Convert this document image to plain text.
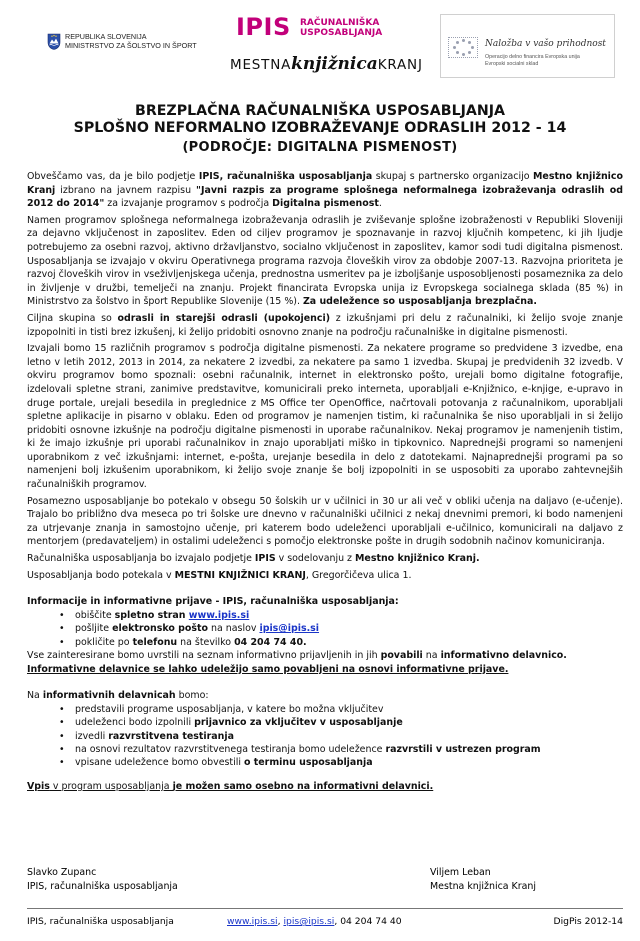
REPUBLIKA SLOVENIJA
MINISTRSTVO ZA ŠOLSTVO IN ŠPORT
IPIS RAČUNALNIŠKA
USPOSABLJANJA
MESTNAknjižnicaKRANJ
Naložba v vašo prihodnost
Operacijo delno financira Evropska unija
Evropski socialni sklad
BREZPLAČNA RAČUNALNIŠKA USPOSABLJANJA
SPLOŠNO NEFORMALNO IZOBRAŽEVANJE ODRASLIH 2012 - 14
(PODROČJE: DIGITALNA PISMENOST)

Obveščamo vas, da je bilo podjetje IPIS, računalniška usposabljanja skupaj s partnersko organizacijo Mestno knjižnico Kranj izbrano na javnem razpisu "Javni razpis za programe splošnega neformalnega izobraževanja odraslih od 2012 do 2014" za izvajanje programov s področja Digitalna pismenost.

Namen programov splošnega neformalnega izobraževanja odraslih je zviševanje splošne izobraženosti v Republiki Sloveniji za dejavno vključenost in zaposlitev. Eden od ciljev programov je spoznavanje in razvoj ključnih kompetenc, ki jih ljudje potrebujemo za osebni razvoj, aktivno državljanstvo, socialno vključenost in zaposlitev, kamor sodi tudi digitalna pismenost. Usposabljanja se izvajajo v okviru Operativnega programa razvoja človeških virov za obdobje 2007-13. Razvojna prioriteta je razvoj človeških virov in vseživljenjskega učenja, prednostna usmeritev pa je izboljšanje usposobljenosti posameznika za delo in življenje v družbi, temelječi na znanju. Projekt financirata Evropska unija iz Evropskega socialnega sklada (85 %) in Ministrstvo za šolstvo in šport Republike Slovenije (15 %). Za udeležence so usposabljanja brezplačna.

Ciljna skupina so odrasli in starejši odrasli (upokojenci) z izkušnjami pri delu z računalniki, ki želijo svoje znanje izpopolniti in tisti brez izkušenj, ki želijo pridobiti osnovno znanje na področju računalniške in digitalne pismenosti.

Izvajali bomo 15 različnih programov s področja digitalne pismenosti. Za nekatere programe so predvidene 3 izvedbe, ena letno v letih 2012, 2013 in 2014, za nekatere 2 izvedbi, za nekatere pa samo 1 izvedba. Skupaj je predvidenih 32 izvedb. V okviru programov bomo spoznali: osebni računalnik, internet in elektronsko pošto, urejali bomo digitalne fotografije, izdelovali spletne strani, zanimive predstavitve, komunicirali preko interneta, uporabljali e-Knjižnico, e-knjige, e-upravo in druge portale, urejali besedila in preglednice z MS Office ter OpenOffice, načrtovali potovanja z računalnikom, uporabljali spletne aplikacije in pisarno v oblaku. Eden od programov je namenjen tistim, ki računalnika še niso uporabljali in si želijo pridobiti osnovne izkušnje na področju digitalne pismenosti in uporabe računalnikov. Nekaj programov je namenjenih tistim, ki že imajo izkušnje pri uporabi računalnikov in znajo uporabljati miško in tipkovnico. Naprednejši programi so namenjeni uporabnikom z več izkušnjami: internet, e-pošta, urejanje besedila in delo z datotekami. Najnaprednejši programi pa so namenjeni bolj izkušenim uporabnikom, ki želijo svoje znanje še bolj izpopolniti in se usposobiti za uporabo zahtevnejših računalniških programov.

Posamezno usposabljanje bo potekalo v obsegu 50 šolskih ur v učilnici in 30 ur ali več v obliki učenja na daljavo (e-učenje). Trajalo bo približno dva meseca po tri šolske ure dnevno v računalniški učilnici z nekaj dnevnimi premori, ki bodo namenjeni za utrjevanje znanja in samostojno učenje, pri katerem bodo udeleženci uporabljali e-učilnico, komunicirali na daljavo z mentorjem (predavateljem) in ostalimi udeleženci s pomočjo elektronske pošte in drugih sodobnih načinov komuniciranja.

Računalniška usposabljanja bo izvajalo podjetje IPIS v sodelovanju z Mestno knjižnico Kranj.

Usposabljanja bodo potekala v MESTNI KNJIŽNICI KRANJ, Gregorčičeva ulica 1.

Informacije in informativne prijave - IPIS, računalniška usposabljanja:

• obiščite spletno stran www.ipis.si
• pošljite elektronsko pošto na naslov ipis@ipis.si
• pokličite po telefonu na številko 04 204 74 40.

Vse zainteresirane bomo uvrstili na seznam informativno prijavljenih in jih povabili na informativno delavnico.

Informativne delavnice se lahko udeležijo samo povabljeni na osnovi informativne prijave.

Na informativnih delavnicah bomo:

• predstavili programe usposabljanja, v katere bo možna vključitev
• udeleženci bodo izpolnili prijavnico za vključitev v usposabljanje
• izvedli razvrstitvena testiranja
• na osnovi rezultatov razvrstitvenega testiranja bomo udeležence razvrstili v ustrezen program
• vpisane udeležence bomo obvestili o terminu usposabljanja

Vpis v program usposabljanja je možen samo osebno na informativni delavnici.

Slavko Zupanc
IPIS, računalniška usposabljanja
Viljem Leban
Mestna knjižnica Kranj
IPIS, računalniška usposabljanja	www.ipis.si, ipis@ipis.si, 04 204 74 40	DigPis 2012-14
